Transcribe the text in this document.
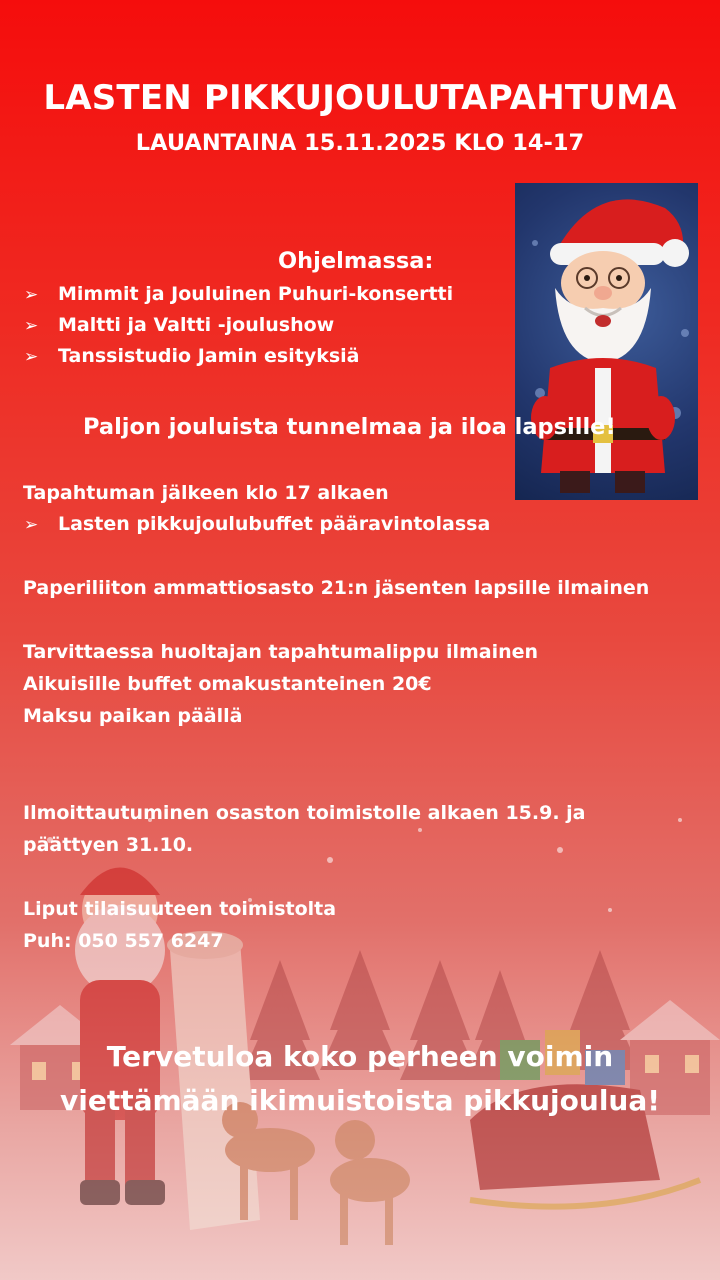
LASTEN PIKKUJOULUTAPAHTUMA
LAUANTAINA 15.11.2025 KLO 14-17
Ohjelmassa:
➢ Mimmit ja Jouluinen Puhuri-konsertti
➢ Maltti ja Valtti -joulushow
➢ Tanssistudio Jamin esityksiä
Paljon jouluista tunnelmaa ja iloa lapsille!
Tapahtuman jälkeen klo 17 alkaen
➢ Lasten pikkujoulubuffet pääravintolassa
Paperiliiton ammattiosasto 21:n jäsenten lapsille ilmainen
Tarvittaessa huoltajan tapahtumalippu ilmainen
Aikuisille buffet omakustanteinen 20€
Maksu paikan päällä
Ilmoittautuminen osaston toimistolle alkaen 15.9. ja
päättyen 31.10.
Liput tilaisuuteen toimistolta
Puh: 050 557 6247
Tervetuloa koko perheen voimin
viettämään ikimuistoista pikkujoulua!
